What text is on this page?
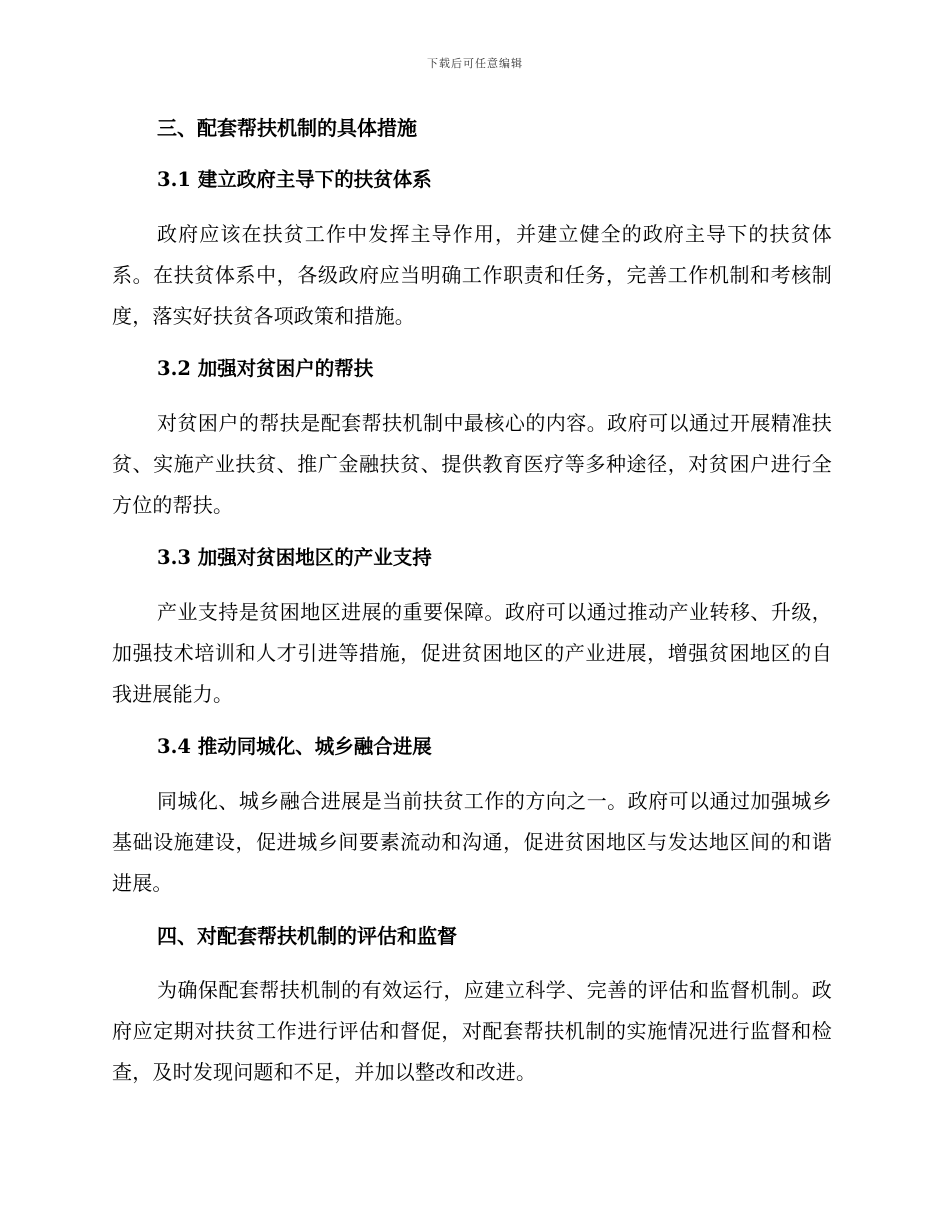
下载后可任意编辑
三、配套帮扶机制的具体措施
3.1 建立政府主导下的扶贫体系
政府应该在扶贫工作中发挥主导作用，并建立健全的政府主导下的扶贫体系。在扶贫体系中，各级政府应当明确工作职责和任务，完善工作机制和考核制度，落实好扶贫各项政策和措施。
3.2 加强对贫困户的帮扶
对贫困户的帮扶是配套帮扶机制中最核心的内容。政府可以通过开展精准扶贫、实施产业扶贫、推广金融扶贫、提供教育医疗等多种途径，对贫困户进行全方位的帮扶。
3.3 加强对贫困地区的产业支持
产业支持是贫困地区进展的重要保障。政府可以通过推动产业转移、升级，加强技术培训和人才引进等措施，促进贫困地区的产业进展，增强贫困地区的自我进展能力。
3.4 推动同城化、城乡融合进展
同城化、城乡融合进展是当前扶贫工作的方向之一。政府可以通过加强城乡基础设施建设，促进城乡间要素流动和沟通，促进贫困地区与发达地区间的和谐进展。
四、对配套帮扶机制的评估和监督
为确保配套帮扶机制的有效运行，应建立科学、完善的评估和监督机制。政府应定期对扶贫工作进行评估和督促，对配套帮扶机制的实施情况进行监督和检查，及时发现问题和不足，并加以整改和改进。
